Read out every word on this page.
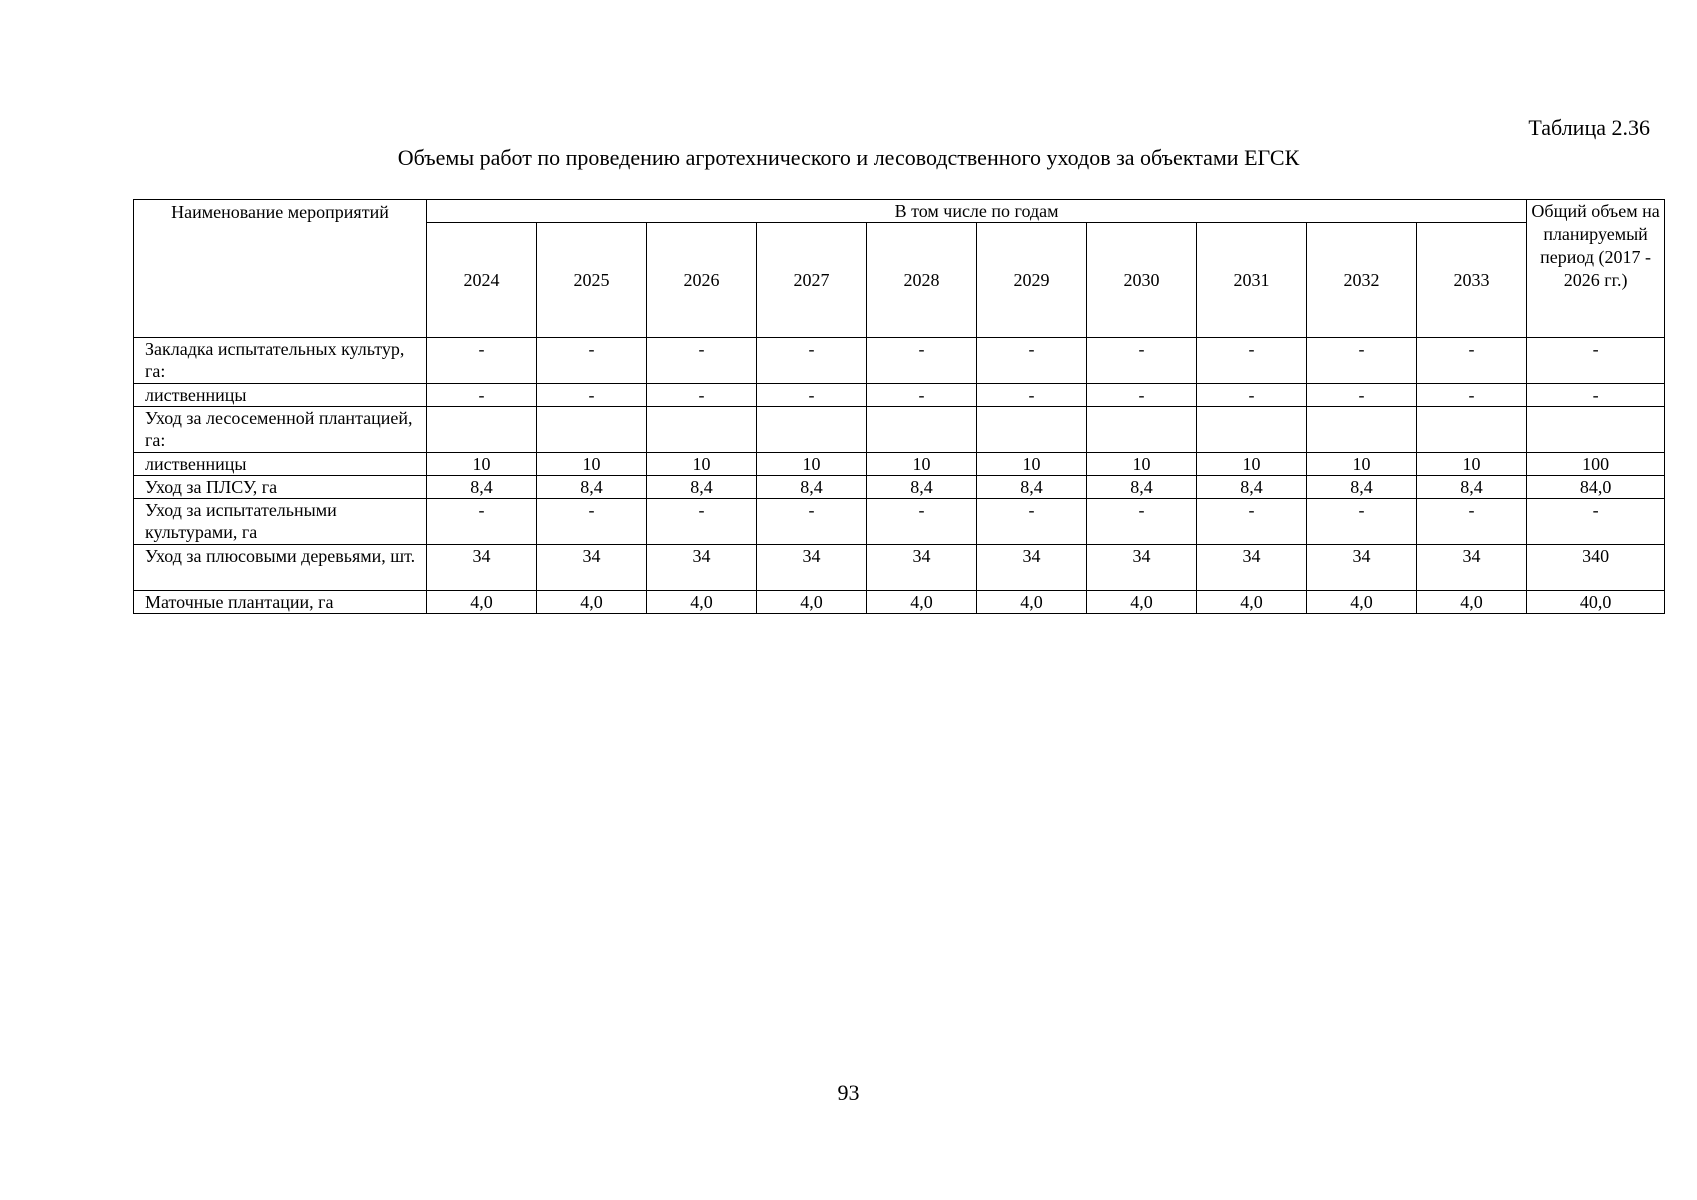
Таблица 2.36
Объемы работ по проведению агротехнического и лесоводственного уходов за объектами ЕГСК
Наименование мероприятий	В том числе по годам										Общий объем на планируемый период (2017 - 2026 гг.)
	2024	2025	2026	2027	2028	2029	2030	2031	2032	2033	
Закладка испытательных культур, га:	-	-	-	-	-	-	-	-	-	-	-
лиственницы	-	-	-	-	-	-	-	-	-	-	-
Уход за лесосеменной плантацией, га:											
лиственницы	10	10	10	10	10	10	10	10	10	10	100
Уход за ПЛСУ, га	8,4	8,4	8,4	8,4	8,4	8,4	8,4	8,4	8,4	8,4	84,0
Уход за испытательными культурами, га	-	-	-	-	-	-	-	-	-	-	-
Уход за плюсовыми деревьями, шт.	34	34	34	34	34	34	34	34	34	34	340
Маточные плантации, га	4,0	4,0	4,0	4,0	4,0	4,0	4,0	4,0	4,0	4,0	40,0
93
